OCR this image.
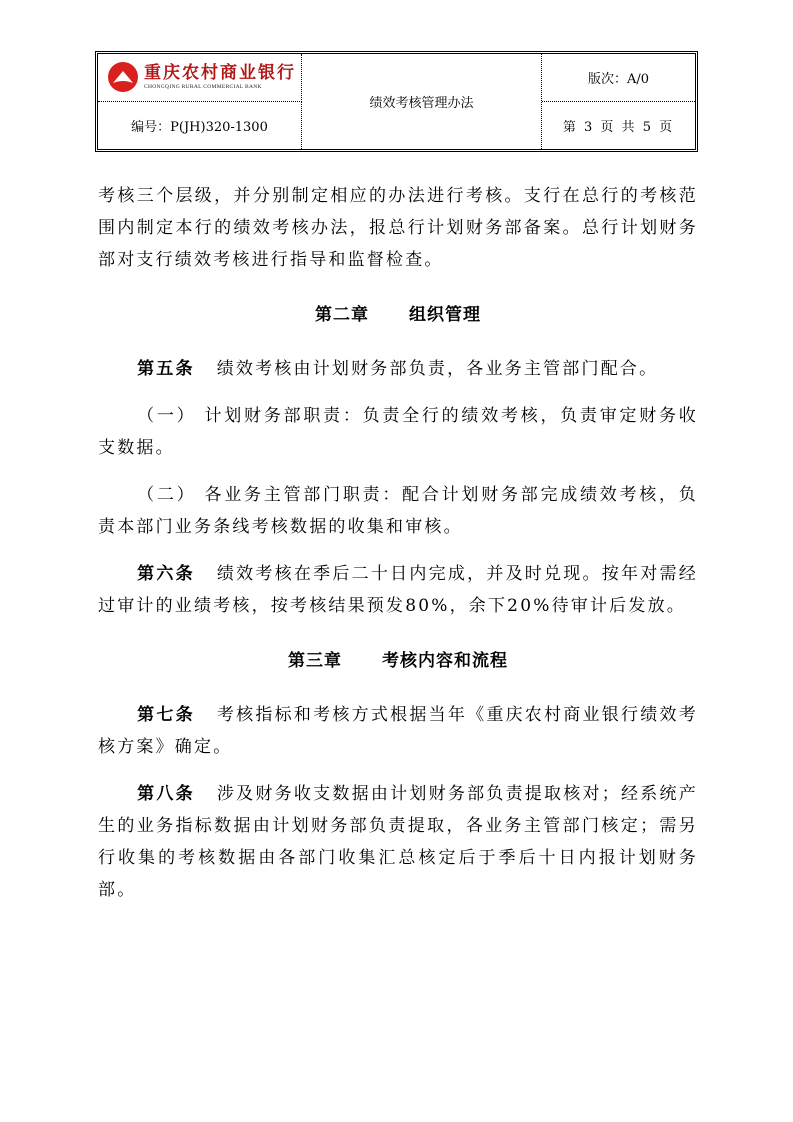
重庆农村商业银行
CHONGQING RURAL COMMERCIAL BANK
编号：P(JH)320-1300
绩效考核管理办法
版次：A/0
第 3 页 共 5 页

考核三个层级，并分别制定相应的办法进行考核。支行在总行的考核范围内制定本行的绩效考核办法，报总行计划财务部备案。总行计划财务部对支行绩效考核进行指导和监督检查。

第二章 组织管理

第五条 绩效考核由计划财务部负责，各业务主管部门配合。

（一） 计划财务部职责：负责全行的绩效考核，负责审定财务收支数据。

（二） 各业务主管部门职责：配合计划财务部完成绩效考核，负责本部门业务条线考核数据的收集和审核。

第六条 绩效考核在季后二十日内完成，并及时兑现。按年对需经过审计的业绩考核，按考核结果预发80%，余下20%待审计后发放。

第三章 考核内容和流程

第七条 考核指标和考核方式根据当年《重庆农村商业银行绩效考核方案》确定。

第八条 涉及财务收支数据由计划财务部负责提取核对；经系统产生的业务指标数据由计划财务部负责提取，各业务主管部门核定；需另行收集的考核数据由各部门收集汇总核定后于季后十日内报计划财务部。
